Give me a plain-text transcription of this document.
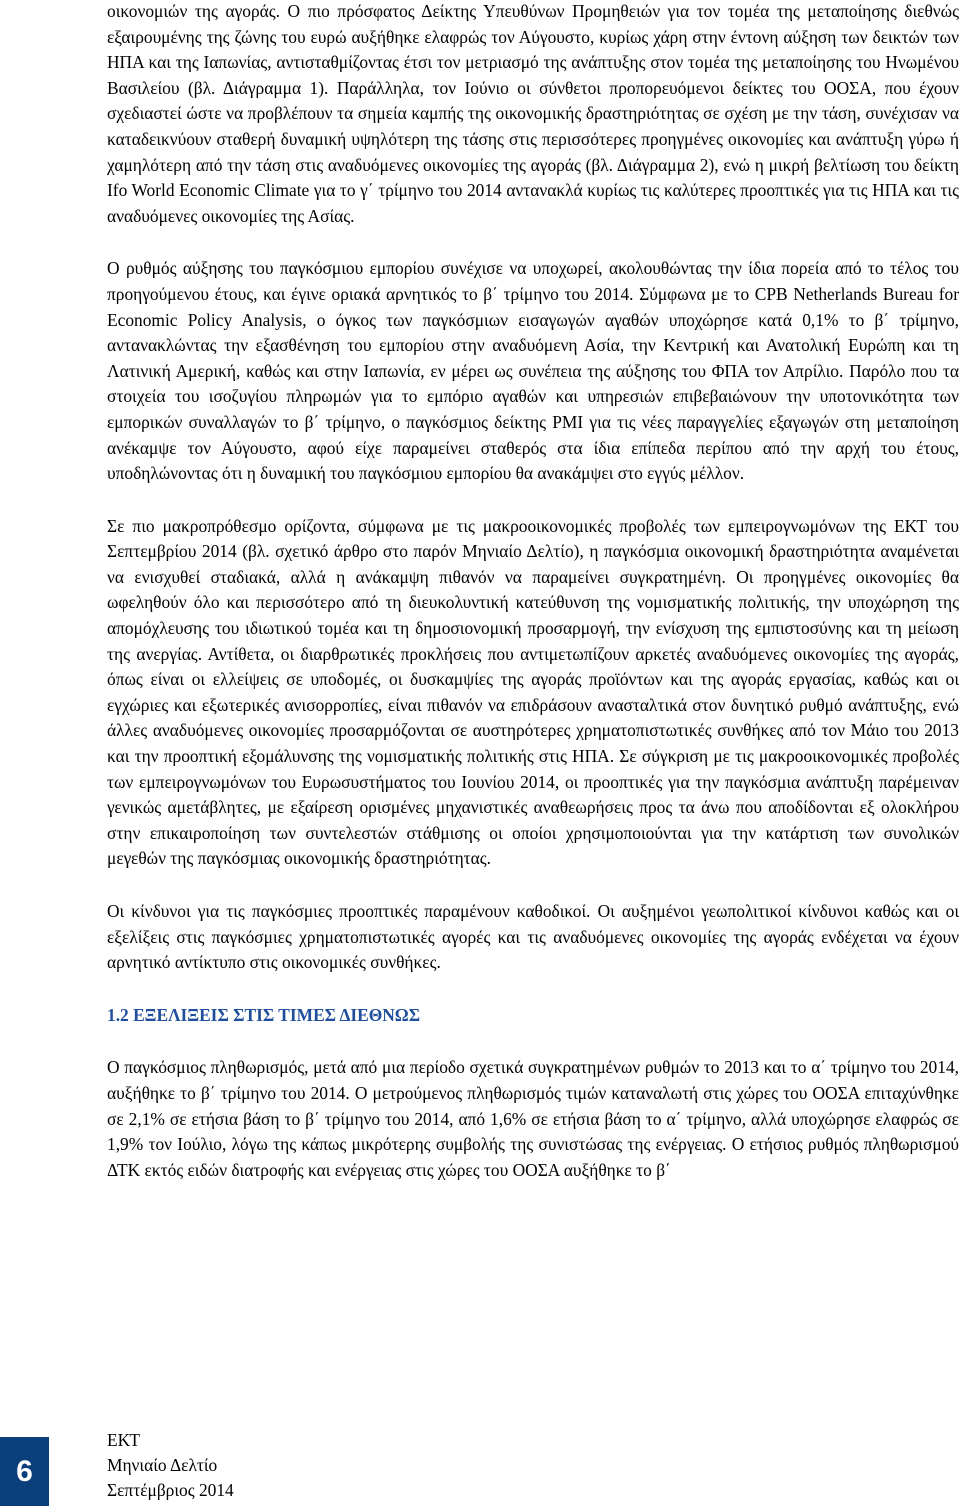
οικονομιών της αγοράς. Ο πιο πρόσφατος Δείκτης Υπευθύνων Προμηθειών για τον τομέα της μεταποίησης διεθνώς εξαιρουμένης της ζώνης του ευρώ αυξήθηκε ελαφρώς τον Αύγουστο, κυρίως χάρη στην έντονη αύξηση των δεικτών των ΗΠΑ και της Ιαπωνίας, αντισταθμίζοντας έτσι τον μετριασμό της ανάπτυξης στον τομέα της μεταποίησης του Ηνωμένου Βασιλείου (βλ. Διάγραμμα 1). Παράλληλα, τον Ιούνιο οι σύνθετοι προπορευόμενοι δείκτες του ΟΟΣΑ, που έχουν σχεδιαστεί ώστε να προβλέπουν τα σημεία καμπής της οικονομικής δραστηριότητας σε σχέση με την τάση, συνέχισαν να καταδεικνύουν σταθερή δυναμική υψηλότερη της τάσης στις περισσότερες προηγμένες οικονομίες και ανάπτυξη γύρω ή χαμηλότερη από την τάση στις αναδυόμενες οικονομίες της αγοράς (βλ. Διάγραμμα 2), ενώ η μικρή βελτίωση του δείκτη Ifo World Economic Climate για το γ΄ τρίμηνο του 2014 αντανακλά κυρίως τις καλύτερες προοπτικές για τις ΗΠΑ και τις αναδυόμενες οικονομίες της Ασίας.

Ο ρυθμός αύξησης του παγκόσμιου εμπορίου συνέχισε να υποχωρεί, ακολουθώντας την ίδια πορεία από το τέλος του προηγούμενου έτους, και έγινε οριακά αρνητικός το β΄ τρίμηνο του 2014. Σύμφωνα με το CPB Netherlands Bureau for Economic Policy Analysis, ο όγκος των παγκόσμιων εισαγωγών αγαθών υποχώρησε κατά 0,1% το β΄ τρίμηνο, αντανακλώντας την εξασθένηση του εμπορίου στην αναδυόμενη Ασία, την Κεντρική και Ανατολική Ευρώπη και τη Λατινική Αμερική, καθώς και στην Ιαπωνία, εν μέρει ως συνέπεια της αύξησης του ΦΠΑ τον Απρίλιο. Παρόλο που τα στοιχεία του ισοζυγίου πληρωμών για το εμπόριο αγαθών και υπηρεσιών επιβεβαιώνουν την υποτονικότητα των εμπορικών συναλλαγών το β΄ τρίμηνο, ο παγκόσμιος δείκτης PMI για τις νέες παραγγελίες εξαγωγών στη μεταποίηση ανέκαμψε τον Αύγουστο, αφού είχε παραμείνει σταθερός στα ίδια επίπεδα περίπου από την αρχή του έτους, υποδηλώνοντας ότι η δυναμική του παγκόσμιου εμπορίου θα ανακάμψει στο εγγύς μέλλον.

Σε πιο μακροπρόθεσμο ορίζοντα, σύμφωνα με τις μακροοικονομικές προβολές των εμπειρογνωμόνων της ΕΚΤ του Σεπτεμβρίου 2014 (βλ. σχετικό άρθρο στο παρόν Μηνιαίο Δελτίο), η παγκόσμια οικονομική δραστηριότητα αναμένεται να ενισχυθεί σταδιακά, αλλά η ανάκαμψη πιθανόν να παραμείνει συγκρατημένη. Οι προηγμένες οικονομίες θα ωφεληθούν όλο και περισσότερο από τη διευκολυντική κατεύθυνση της νομισματικής πολιτικής, την υποχώρηση της απομόχλευσης του ιδιωτικού τομέα και τη δημοσιονομική προσαρμογή, την ενίσχυση της εμπιστοσύνης και τη μείωση της ανεργίας. Αντίθετα, οι διαρθρωτικές προκλήσεις που αντιμετωπίζουν αρκετές αναδυόμενες οικονομίες της αγοράς, όπως είναι οι ελλείψεις σε υποδομές, οι δυσκαμψίες της αγοράς προϊόντων και της αγοράς εργασίας, καθώς και οι εγχώριες και εξωτερικές ανισορροπίες, είναι πιθανόν να επιδράσουν ανασταλτικά στον δυνητικό ρυθμό ανάπτυξης, ενώ άλλες αναδυόμενες οικονομίες προσαρμόζονται σε αυστηρότερες χρηματοπιστωτικές συνθήκες από τον Μάιο του 2013 και την προοπτική εξομάλυνσης της νομισματικής πολιτικής στις ΗΠΑ. Σε σύγκριση με τις μακροοικονομικές προβολές των εμπειρογνωμόνων του Ευρωσυστήματος του Ιουνίου 2014, οι προοπτικές για την παγκόσμια ανάπτυξη παρέμειναν γενικώς αμετάβλητες, με εξαίρεση ορισμένες μηχανιστικές αναθεωρήσεις προς τα άνω που αποδίδονται εξ ολοκλήρου στην επικαιροποίηση των συντελεστών στάθμισης οι οποίοι χρησιμοποιούνται για την κατάρτιση των συνολικών μεγεθών της παγκόσμιας οικονομικής δραστηριότητας.

Οι κίνδυνοι για τις παγκόσμιες προοπτικές παραμένουν καθοδικοί. Οι αυξημένοι γεωπολιτικοί κίνδυνοι καθώς και οι εξελίξεις στις παγκόσμιες χρηματοπιστωτικές αγορές και τις αναδυόμενες οικονομίες της αγοράς ενδέχεται να έχουν αρνητικό αντίκτυπο στις οικονομικές συνθήκες.

1.2 ΕΞΕΛΙΞΕΙΣ ΣΤΙΣ ΤΙΜΕΣ ΔΙΕΘΝΩΣ

Ο παγκόσμιος πληθωρισμός, μετά από μια περίοδο σχετικά συγκρατημένων ρυθμών το 2013 και το α΄ τρίμηνο του 2014, αυξήθηκε το β΄ τρίμηνο του 2014. Ο μετρούμενος πληθωρισμός τιμών καταναλωτή στις χώρες του ΟΟΣΑ επιταχύνθηκε σε 2,1% σε ετήσια βάση το β΄ τρίμηνο του 2014, από 1,6% σε ετήσια βάση το α΄ τρίμηνο, αλλά υποχώρησε ελαφρώς σε 1,9% τον Ιούλιο, λόγω της κάπως μικρότερης συμβολής της συνιστώσας της ενέργειας. Ο ετήσιος ρυθμός πληθωρισμού ΔΤΚ εκτός ειδών διατροφής και ενέργειας στις χώρες του ΟΟΣΑ αυξήθηκε το β΄

6
ΕΚΤ
Μηνιαίο Δελτίο
Σεπτέμβριος 2014
